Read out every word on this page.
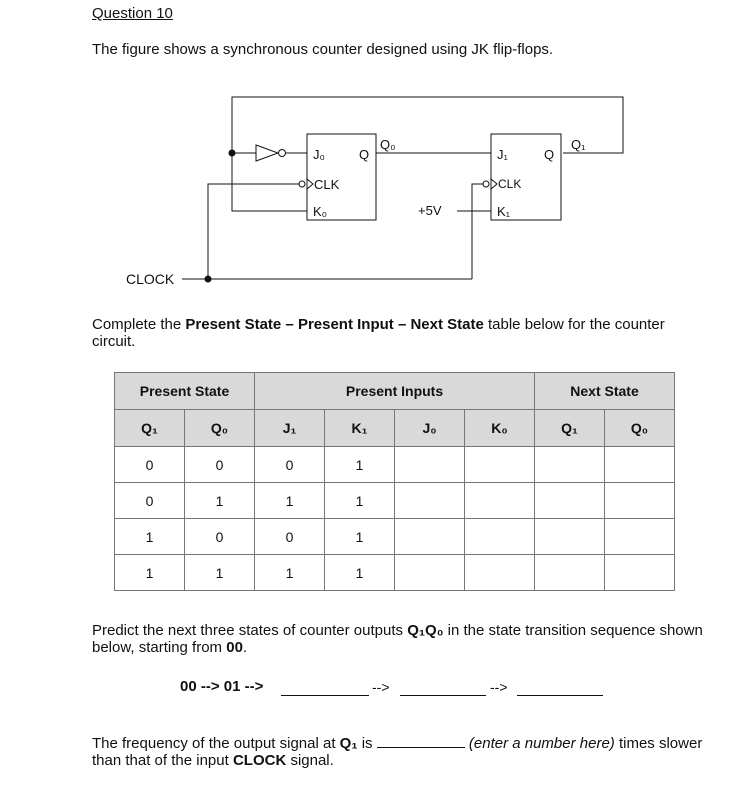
Question 10
The figure shows a synchronous counter designed using JK flip-flops.
J₀
CLK
K₀
Q
Q₀
J₁
CLK
K₁
Q
Q₁
+5V
CLOCK
Complete the Present State – Present Input – Next State table below for the counter circuit.
Present State		Present Inputs				Next State	
Q₁	Q₀	J₁	K₁	J₀	K₀	Q₁	Q₀
0	0	0	1				
0	1	1	1				
1	0	0	1				
1	1	1	1				
Predict the next three states of counter outputs Q₁Q₀ in the state transition sequence shown below, starting from 00.
00 --> 01 -->	-->	-->
The frequency of the output signal at Q₁ is	(enter a number here) times slower than that of the input CLOCK signal.
